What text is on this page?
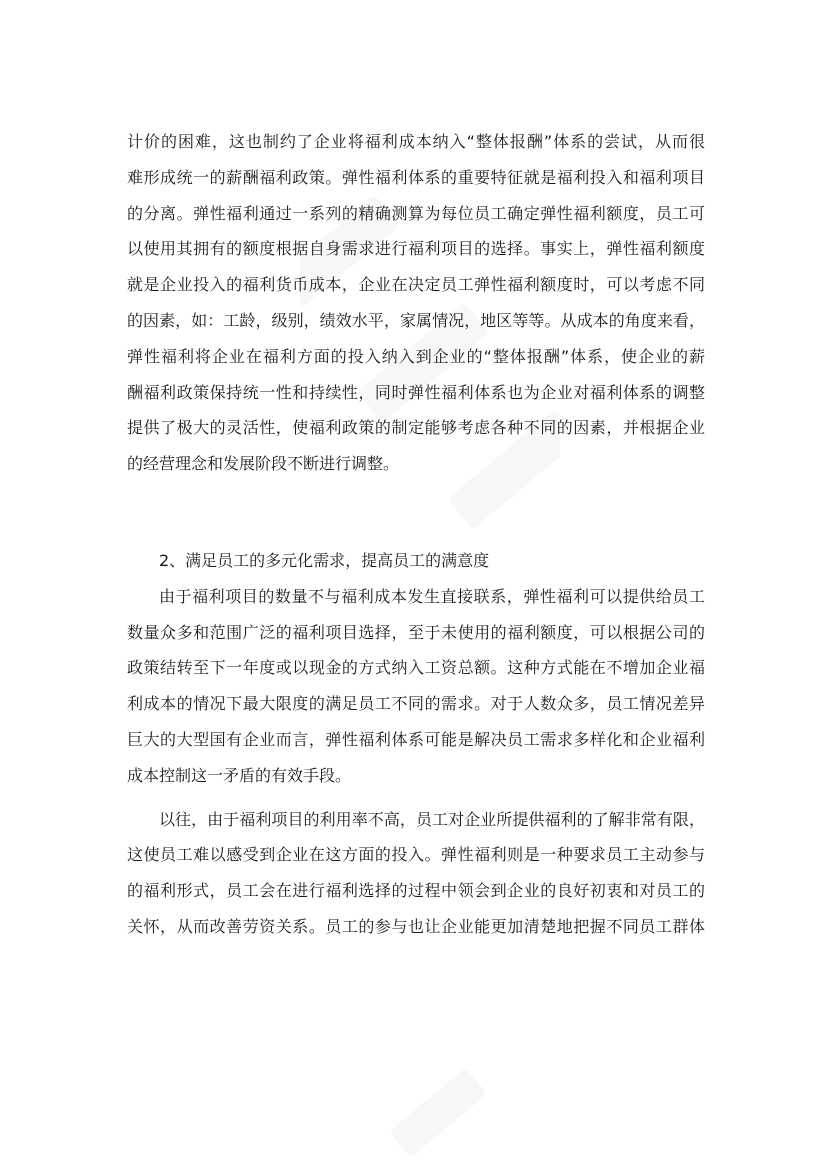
计价的困难，这也制约了企业将福利成本纳入“整体报酬”体系的尝试，从而很
难形成统一的薪酬福利政策。弹性福利体系的重要特征就是福利投入和福利项目
的分离。弹性福利通过一系列的精确测算为每位员工确定弹性福利额度，员工可
以使用其拥有的额度根据自身需求进行福利项目的选择。事实上，弹性福利额度
就是企业投入的福利货币成本，企业在决定员工弹性福利额度时，可以考虑不同
的因素，如：工龄，级别，绩效水平，家属情况，地区等等。从成本的角度来看，
弹性福利将企业在福利方面的投入纳入到企业的“整体报酬”体系，使企业的薪
酬福利政策保持统一性和持续性，同时弹性福利体系也为企业对福利体系的调整
提供了极大的灵活性，使福利政策的制定能够考虑各种不同的因素，并根据企业
的经营理念和发展阶段不断进行调整。
2、满足员工的多元化需求，提高员工的满意度
由于福利项目的数量不与福利成本发生直接联系，弹性福利可以提供给员工
数量众多和范围广泛的福利项目选择，至于未使用的福利额度，可以根据公司的
政策结转至下一年度或以现金的方式纳入工资总额。这种方式能在不增加企业福
利成本的情况下最大限度的满足员工不同的需求。对于人数众多，员工情况差异
巨大的大型国有企业而言，弹性福利体系可能是解决员工需求多样化和企业福利
成本控制这一矛盾的有效手段。
以往，由于福利项目的利用率不高，员工对企业所提供福利的了解非常有限，
这使员工难以感受到企业在这方面的投入。弹性福利则是一种要求员工主动参与
的福利形式，员工会在进行福利选择的过程中领会到企业的良好初衷和对员工的
关怀，从而改善劳资关系。员工的参与也让企业能更加清楚地把握不同员工群体
